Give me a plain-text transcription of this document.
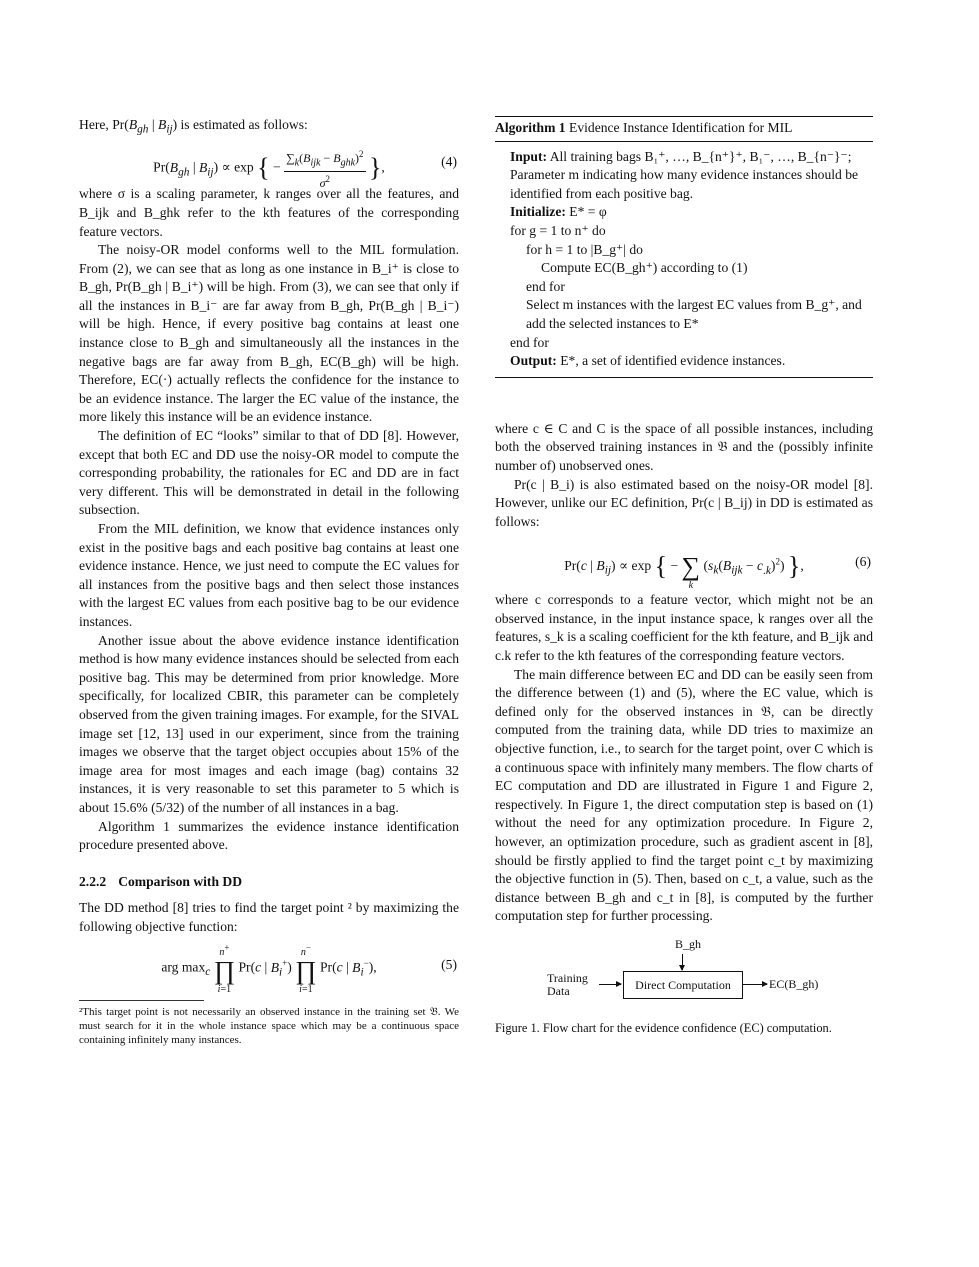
Here, $Pr(B_{gh}$ | $B_{ij}$) is estimated as follows:

$Pr(B_{gh}$ | $B_{ij}) \propto \exp$ { − $\frac{\sum_k(B_{ijk} - B_{ghk})^2}{\sigma^2}$ },	(4)

where σ is a scaling parameter, k ranges over all the features, and B_ijk and B_ghk refer to the kth features of the corresponding feature vectors.

The noisy-OR model conforms well to the MIL formulation. From (2), we can see that as long as one instance in B_i⁺ is close to B_gh, Pr(B_gh | B_i⁺) will be high. From (3), we can see that only if all the instances in B_i⁻ are far away from B_gh, Pr(B_gh | B_i⁻) will be high. Hence, if every positive bag contains at least one instance close to B_gh and simultaneously all the instances in the negative bags are far away from B_gh, EC(B_gh) will be high. Therefore, EC(·) actually reflects the confidence for the instance to be an evidence instance. The larger the EC value of the instance, the more likely this instance will be an evidence instance.

The definition of EC “looks” similar to that of DD [8]. However, except that both EC and DD use the noisy-OR model to compute the corresponding probability, the rationales for EC and DD are in fact very different. This will be demonstrated in detail in the following subsection.

From the MIL definition, we know that evidence instances only exist in the positive bags and each positive bag contains at least one evidence instance. Hence, we just need to compute the EC values for all instances from the positive bags and then select those instances with the largest EC values from each positive bag to be our evidence instances.

Another issue about the above evidence instance identification method is how many evidence instances should be selected from each positive bag. This may be determined from prior knowledge. More specifically, for localized CBIR, this parameter can be completely observed from the given training images. For example, for the SIVAL image set [12, 13] used in our experiment, since from the training images we observe that the target object occupies about 15% of the image area for most images and each image (bag) contains 32 instances, it is very reasonable to set this parameter to 5 which is about 15.6% (5/32) of the number of all instances in a bag.

Algorithm 1 summarizes the evidence instance identification procedure presented above.

2.2.2 Comparison with DD

The DD method [8] tries to find the target point ² by maximizing the following objective function:

arg $\max_c n^+$
∏
i=1 Pr(c | $B_i^+$) n−
∏
i=1 Pr(c | $B_i^-$),	(5)
²This target point is not necessarily an observed instance in the training set 𝔅. We must search for it in the whole instance space which may be a continuous space containing infinitely many instances.
Algorithm 1 Evidence Instance Identification for MIL
Input: All training bags B₁⁺, …, B_{n⁺}⁺, B₁⁻, …, B_{n⁻}⁻; Parameter m indicating how many evidence instances should be identified from each positive bag.
Initialize: E* = φ
for g = 1 to n⁺ do
for h = 1 to |B_g⁺| do
Compute EC(B_gh⁺) according to (1)
end for
Select m instances with the largest EC values from B_g⁺, and add the selected instances to E*
end for
Output: E*, a set of identified evidence instances.

where c ∈ C and C is the space of all possible instances, including both the observed training instances in 𝔅 and the (possibly infinite number of) unobserved ones.

Pr(c | B_i) is also estimated based on the noisy-OR model [8]. However, unlike our EC definition, Pr(c | B_ij) in DD is estimated as follows:

Pr(c | $B_{ij}) \propto \exp$ { − ∑
k $(s_k(B_{ijk} - c_{.k})^2)$ },	(6)

where c corresponds to a feature vector, which might not be an observed instance, in the input instance space, k ranges over all the features, s_k is a scaling coefficient for the kth feature, and B_ijk and c.k refer to the kth features of the corresponding feature vectors.

The main difference between EC and DD can be easily seen from the difference between (1) and (5), where the EC value, which is defined only for the observed instances in 𝔅, can be directly computed from the training data, while DD tries to maximize an objective function, i.e., to search for the target point, over C which is a continuous space with infinitely many members. The flow charts of EC computation and DD are illustrated in Figure 1 and Figure 2, respectively. In Figure 1, the direct computation step is based on (1) without the need for any optimization procedure. In Figure 2, however, an optimization procedure, such as gradient ascent in [8], should be firstly applied to find the target point c_t by maximizing the objective function in (5). Then, based on c_t, a value, such as the distance between B_gh and c_t in [8], is computed by the further computation step for further processing.

B_gh
Training Data	Direct Computation	EC(B_gh)
Figure 1. Flow chart for the evidence confidence (EC) computation.
